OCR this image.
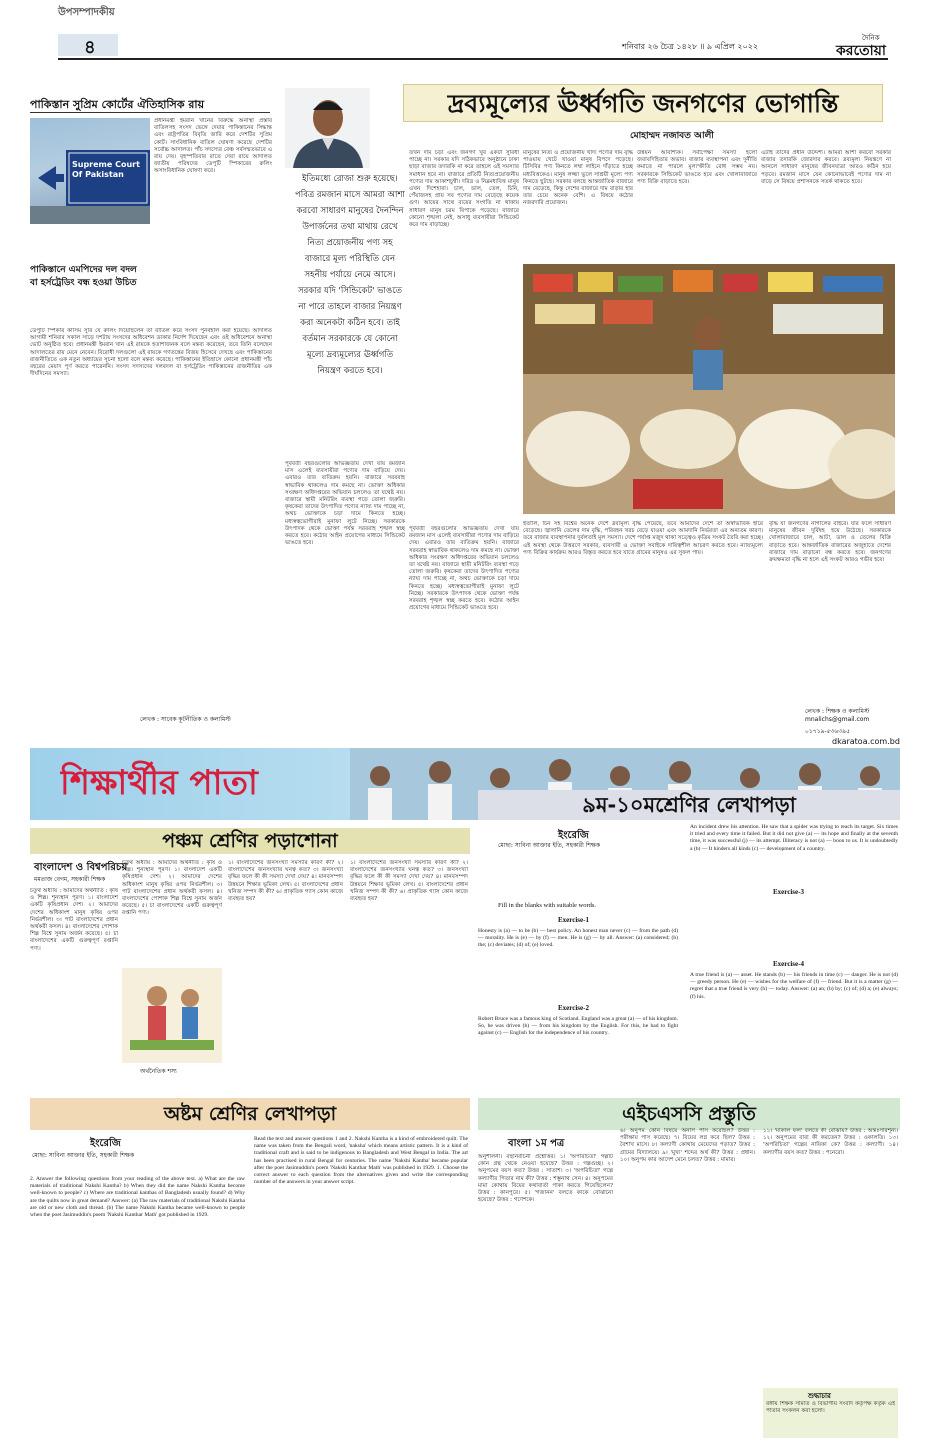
উপসম্পাদকীয়
৪	শনিবার ২৬ চৈত্র ১৪২৮ ॥ ৯ এপ্রিল ২০২২
দৈনিক
করতোয়া
পাকিস্তান সুপ্রিম কোর্টের ঐতিহাসিক রায়
Supreme Court Of Pakistan
প্রধানমন্ত্রী ইমরান খানের বিরুদ্ধে অনাস্থা প্রস্তাব বাতিলসহ সংসদ ভেঙ্গে দেয়ার পাকিস্তানের সিদ্ধান্ত এবং রাষ্ট্রপতির বিবৃতি জারি করে দেশটির সুপ্রিম কোর্ট। সাংবিধানিক বাতিল ঘোষণা করেছে দেশটির সর্বোচ্চ আদালত। পাঁচ সদস্যের বেঞ্চ সর্বসম্মতভাবে এ রায় দেয়। বৃহস্পতিবার রাতে দেয়া রায়ে আদালত জাতীয় পরিষদের ডেপুটি স্পিকারের রুলিং অসাংবিধানিক ঘোষণা করে।
পাকিস্তানে এমপিদের দল বদল বা হর্সট্রেডিং বন্ধ হওয়া উচিত
ডেপুটি স্পিকার কাসিম সুরি যে রুলিং দিয়েছিলেন তা বাতিল করে সংসদ পুনর্বহাল করা হয়েছে। আদালত আগামী শনিবার সকাল সাড়ে দশটায় সংসদের অধিবেশন ডাকার নির্দেশ দিয়েছেন এবং ওই অধিবেশনে অনাস্থা ভোট অনুষ্ঠিত হবে। প্রধানমন্ত্রী ইমরান খান এই রায়কে হতাশাজনক বলে মন্তব্য করেছেন, তবে তিনি বলেছেন আদালতের রায় মেনে নেবেন। বিরোধী দলগুলো এই রায়কে গণতন্ত্রের বিজয় হিসেবে দেখছে এবং পাকিস্তানের রাজনীতিতে এক নতুন অধ্যায়ের সূচনা হলো বলে মন্তব্য করেছে। পাকিস্তানের ইতিহাসে কোনো প্রধানমন্ত্রী পাঁচ বছরের মেয়াদ পূর্ণ করতে পারেননি। সংসদ সদস্যদের দলবদল বা হর্সট্রেডিং পাকিস্তানের রাজনীতির এক দীর্ঘদিনের সমস্যা।
লেখক : সাবেক কূটনীতিক ও কলামিস্ট
দ্রব্যমূল্যের ঊর্ধ্বগতি জনগণের ভোগান্তি
মোহাম্মদ নজাবত আলী
ইতিমধ্যে রোজা শুরু হয়েছে। পবিত্র রমজান মাসে আমরা আশা করবো সাধারণ মানুষের দৈনন্দিন উপার্জনের তথা মাথায় রেখে নিত্য প্রয়োজনীয় পণ্য সহ বাজারে মূল্য পরিস্থিতি যেন সহনীয় পর্যায়ে নেমে আসে। সরকার যদি 'সিন্ডিকেট' ভাঙতে না পারে তাহলে বাজার নিয়ন্ত্রণ করা অনেকটা কঠিন হবে। তাই বর্তমান সরকারকে যে কোনো মূল্যে দ্রব্যমূল্যের ঊর্ধ্বগতি নিয়ন্ত্রণ করতে হবে।
তখন দাম চড়া এবং জনগণ খুব একটা সুবিধা পাচ্ছে না। সরকার যদি সঠিকভাবে অনুষ্ঠানে ঢাকা ছাড়া বাজার তদারকি না করে তাহলে এই সমস্যার সমাধান হবে না। বাজারে প্রতিটি নিত্যপ্রয়োজনীয় পণ্যের দাম আকাশচুম্বী। দরিদ্র ও নিম্নমধ্যবিত্ত মানুষ এখন দিশেহারা। চাল, ডাল, তেল, চিনি, পেঁয়াজসহ প্রায় সব পণ্যের দাম বেড়েছে কয়েক গুণ। আয়ের সাথে ব্যয়ের সংগতি না থাকায় সাধারণ মানুষ চরম বিপাকে পড়েছে। বাজারে কোনো শৃঙ্খলা নেই, অসাধু ব্যবসায়ীরা সিন্ডিকেট করে দাম বাড়াচ্ছে।
মানুষের নিত্য ও প্রয়োজনীয় খাদ্য পণ্যের দাম বৃদ্ধি পাওয়ায় খেটে খাওয়া মানুষ বিপদে পড়েছে। টিসিবির পণ্য কিনতে লম্বা লাইনে দাঁড়াতে হচ্ছে মধ্যবিত্তকেও। মানুষ লজ্জা ভুলে সাশ্রয়ী মূল্যে পণ্য কিনতে ছুটছে। সরকার বলছে আন্তর্জাতিক বাজারে দাম বেড়েছে, কিন্তু দেশের বাজারে দাম বাড়ার হার তার চেয়ে অনেক বেশি। এ বিষয়ে কঠোর নজরদারি প্রয়োজন।
উন্নয়ন আবশ্যিক। সর্বাপেক্ষা সমস্যা হলো জবাবদিহিতার অভাব। বাজার ব্যবস্থাপনা এবং দুর্নীতি কমাতে না পারলে মূল্যস্ফীতি রোধ সম্ভব নয়। সরকারকে সিন্ডিকেট ভাঙতে হবে এবং খোলাবাজারে পণ্য বিক্রি বাড়াতে হবে।
এটাই তাদের প্রধান উদ্দেশ্য। আমরা আশা করবো সরকার বাজার তদারকি জোরদার করবে। দ্রব্যমূল্য নিয়ন্ত্রণে না আনলে সাধারণ মানুষের জীবনযাত্রা আরও কঠিন হয়ে পড়বে। রমজান মাসে যেন কোনোভাবেই পণ্যের দাম না বাড়ে সে বিষয়ে প্রশাসনকে সতর্ক থাকতে হবে।
পূর্ববর্তী বছরগুলোর অভিজ্ঞতায় দেখা যায় রমজান মাস এলেই ব্যবসায়ীরা পণ্যের দাম বাড়িয়ে দেয়। এবারও তার ব্যতিক্রম হয়নি। বাজারে সরবরাহ স্বাভাবিক থাকলেও দাম কমছে না। ভোক্তা অধিকার সংরক্ষণ অধিদপ্তরের অভিযান চললেও তা যথেষ্ট নয়। বাজারে স্থায়ী মনিটরিং ব্যবস্থা গড়ে তোলা জরুরি। কৃষকেরা তাদের উৎপাদিত পণ্যের ন্যায্য দাম পাচ্ছে না, অথচ ভোক্তাকে চড়া দামে কিনতে হচ্ছে। মধ্যস্বত্বভোগীরাই মুনাফা লুটে নিচ্ছে। সরকারকে উৎপাদক থেকে ভোক্তা পর্যন্ত সরবরাহ শৃঙ্খল স্বচ্ছ করতে হবে। কঠোর আইন প্রয়োগের মাধ্যমে সিন্ডিকেট ভাঙতে হবে।
পূর্ববর্তী বছরগুলোর অভিজ্ঞতায় দেখা যায় রমজান মাস এলেই ব্যবসায়ীরা পণ্যের দাম বাড়িয়ে দেয়। এবারও তার ব্যতিক্রম হয়নি। বাজারে সরবরাহ স্বাভাবিক থাকলেও দাম কমছে না। ভোক্তা অধিকার সংরক্ষণ অধিদপ্তরের অভিযান চললেও তা যথেষ্ট নয়। বাজারে স্থায়ী মনিটরিং ব্যবস্থা গড়ে তোলা জরুরি। কৃষকেরা তাদের উৎপাদিত পণ্যের ন্যায্য দাম পাচ্ছে না, অথচ ভোক্তাকে চড়া দামে কিনতে হচ্ছে। মধ্যস্বত্বভোগীরাই মুনাফা লুটে নিচ্ছে। সরকারকে উৎপাদক থেকে ভোক্তা পর্যন্ত সরবরাহ শৃঙ্খল স্বচ্ছ করতে হবে। কঠোর আইন প্রয়োগের মাধ্যমে সিন্ডিকেট ভাঙতে হবে।
ইতালি, চিন সহ বিশ্বের অনেক দেশে দ্রব্যমূল্য বৃদ্ধি পেয়েছে, তবে আমাদের দেশে তা অস্বাভাবিক হারে বেড়েছে। জ্বালানি তেলের দাম বৃদ্ধি, পরিবহন খরচ বেড়ে যাওয়া এবং আমদানি নির্ভরতা এর অন্যতম কারণ। তবে বাজার ব্যবস্থাপনার দুর্বলতাই মূল সমস্যা। দেশে পর্যাপ্ত মজুদ থাকা সত্ত্বেও কৃত্রিম সংকট তৈরি করা হচ্ছে। এই অবস্থা থেকে উত্তরণে সরকার, ব্যবসায়ী ও ভোক্তা সবাইকে দায়িত্বশীল আচরণ করতে হবে। ন্যায্যমূল্যে পণ্য বিক্রির কার্যক্রম আরও বিস্তৃত করতে হবে যাতে গ্রামের মানুষও এর সুফল পায়।
বৃদ্ধি যা জনগণের নাগালের বাইরে। যার ফলে সাধারণ মানুষের জীবন দুর্বিষহ হয়ে উঠেছে। সরকারকে খোলাবাজারে চাল, আটা, ডাল ও তেলের বিক্রি বাড়াতে হবে। আন্তর্জাতিক বাজারের অজুহাতে দেশের বাজারে দাম বাড়ানো বন্ধ করতে হবে। জনগণের ক্রয়ক্ষমতা বৃদ্ধি না হলে এই সংকট আরও গভীর হবে।
লেখক : শিক্ষক ও কলামিস্ট
mnalichs@gmail.com
০১৭১৯-৫৩৬৩৯৫
dkaratoa.com.bd
শিক্ষার্থীর পাতা
পঞ্চম শ্রেণির পড়াশোনা
বাংলাদেশ ও বিশ্বপরিচয়
মমতাজ বেগম, সহকারী শিক্ষক
চতুর্থ অধ্যায় : আমাদের অর্থনীতি : কৃষি ও শিল্প। শূন্যস্থান পূরণ। ১। বাংলাদেশ একটি কৃষিপ্রধান দেশ। ২। আমাদের দেশের অধিকাংশ মানুষ কৃষির ওপর নির্ভরশীল। ৩। পাট বাংলাদেশের প্রধান অর্থকরী ফসল। ৪। বাংলাদেশের পোশাক শিল্প বিশ্বে সুনাম অর্জন করেছে। ৫। চা বাংলাদেশের একটি গুরুত্বপূর্ণ রপ্তানি পণ্য।
চতুর্থ অধ্যায় : আমাদের অর্থনীতি : কৃষি ও শিল্প। শূন্যস্থান পূরণ। ১। বাংলাদেশ একটি কৃষিপ্রধান দেশ। ২। আমাদের দেশের অধিকাংশ মানুষ কৃষির ওপর নির্ভরশীল। ৩। পাট বাংলাদেশের প্রধান অর্থকরী ফসল। ৪। বাংলাদেশের পোশাক শিল্প বিশ্বে সুনাম অর্জন করেছে। ৫। চা বাংলাদেশের একটি গুরুত্বপূর্ণ রপ্তানি পণ্য।
অর্থনৈতিক শস্য
১। বাংলাদেশের জনসংখ্যা সমস্যার কারণ কী? ২। বাংলাদেশের জনসংখ্যার ঘনত্ব কত? ৩। জনসংখ্যা বৃদ্ধির ফলে কী কী সমস্যা দেখা দেয়? ৪। মানবসম্পদ উন্নয়নে শিক্ষার ভূমিকা লেখ। ৫। বাংলাদেশের প্রধান খনিজ সম্পদ কী কী? ৬। প্রাকৃতিক গ্যাস কোন কাজে ব্যবহৃত হয়?
১। বাংলাদেশের জনসংখ্যা সমস্যার কারণ কী? ২। বাংলাদেশের জনসংখ্যার ঘনত্ব কত? ৩। জনসংখ্যা বৃদ্ধির ফলে কী কী সমস্যা দেখা দেয়? ৪। মানবসম্পদ উন্নয়নে শিক্ষার ভূমিকা লেখ। ৫। বাংলাদেশের প্রধান খনিজ সম্পদ কী কী? ৬। প্রাকৃতিক গ্যাস কোন কাজে ব্যবহৃত হয়?
৯ম-১০মশ্রেণির লেখাপড়া
ইংরেজি
মোছা: সাবিনা আক্তার ইতি, সহকারী শিক্ষক
Fill in the blanks with suitable words.
Exercise-1
Honesty is (a) — to be (b) — best policy. An honest man never (c) — from the path (d) — morality. He is (e) — by (f) — men. He is (g) — by all. Answer: (a) considered; (b) the; (c) deviates; (d) of; (e) loved.
Exercise-2
Robert Bruce was a famous king of Scotland. England was a great (a) — of his kingdom. So, he was driven (b) — from his kingdom by the English. For this, he had to fight against (c) — English for the independence of his country.
An incident drew his attention. He saw that a spider was trying to reach its target. Six times it tried and every time it failed. But it did not give (a) — its hope and finally at the seventh time, it was successful (j) — its attempt. Illiteracy is not (a) — boon to us. It is undoubtedly a (b) — It hinders all kinds (c) — development of a country.
Exercise-3
Exercise-4
A true friend is (a) — asset. He stands (b) — his friends in time (c) — danger. He is not (d) — greedy person. He (e) — wishes for the welfare of (f) — friend. But it is a matter (g) — regret that a true friend is very (h) — today. Answer: (a) an; (b) by; (c) of; (d) a; (e) always; (f) his.
অষ্টম শ্রেণির লেখাপড়া
ইংরেজি
মোছা: সাবিনা আক্তার ইতি, সহকারী শিক্ষক
2. Answer the following questions from your reading of the above text. a) What are the raw materials of traditional Nakshi Kantha? b) When they did the name Nakshi Kantha become well-known to people? c) Where are traditional kanthas of Bangladesh usually found? d) Why are the quilts now in great demand? Answer: (a) The raw materials of traditional Nakshi Kantha are old or new cloth and thread. (b) The name Nakshi Kantha became well-known to people when the poet Jasimuddin's poem 'Nakshi Kanthar Math' got published in 1929.
Read the text and answer questions 1 and 2. Nakshi Kantha is a kind of embroidered quilt. The name was taken from the Bengali word, 'naksha' which means artistic pattern. It is a kind of traditional craft and is said to be indigenous to Bangladesh and West Bengal in India. The art has been practised in rural Bengal for centuries. The name 'Nakshi Kantha' became popular after the poet Jasimuddin's poem 'Nakshi Kanthar Math' was published in 1929. 1. Choose the correct answer to each question from the alternatives given and write the corresponding number of the answers in your answer script.
এইচএসসি প্রস্তুতি
বাংলা ১ম পত্র
অনুশীলনী। বহুনির্বাচনী প্রশ্নোত্তর। ১। 'অপরিচিতা' গল্পটি কোন গ্রন্থ থেকে নেওয়া হয়েছে? উত্তর : গল্পগুচ্ছ। ২। অনুপমের বয়স কত? উত্তর : সাতাশ। ৩। 'অপরিচিতা' গল্পে কল্যাণীর পিতার নাম কী? উত্তর : শম্ভুনাথ সেন। ৪। অনুপমের মামা কোথায় বিয়ের কথাবার্তা পাকা করতে গিয়েছিলেন? উত্তর : কানপুরে। ৫। 'গজানন' বলতে কাকে বোঝানো হয়েছে? উত্তর : গণেশকে।
৬। অনুপম কোন বিষয়ে অনার্স পাস করেছিল? উত্তর : পরীক্ষায় পাস করেছে। ৭। বিয়ের লগ্ন কবে ছিল? উত্তর : বৈশাখ মাসে। ৮। কল্যাণী কোথায় মেয়েদের পড়াত? উত্তর : গ্রামের বিদ্যালয়ে। ৯। 'মুখ্য' শব্দের অর্থ কী? উত্তর : প্রধান। ১০। অনুপম কার আদেশ মেনে চলত? উত্তর : মামার।
১১। 'মাকাল ফল' বলতে কী বোঝায়? উত্তর : অন্তঃসারশূন্য। ১২। অনুপমের বাবা কী করতেন? উত্তর : ওকালতি। ১৩। 'অপরিচিতা' গল্পের নায়িকা কে? উত্তর : কল্যাণী। ১৪। কল্যাণীর বয়স কত? উত্তর : পনেরো।
শুদ্ধাচার
বঙ্গীয় শিক্ষক সমিতি ও বিভাগীয় সংবাদ কর্তৃপক্ষ কর্তৃক এই পাতার সংকলন করা হলো।
